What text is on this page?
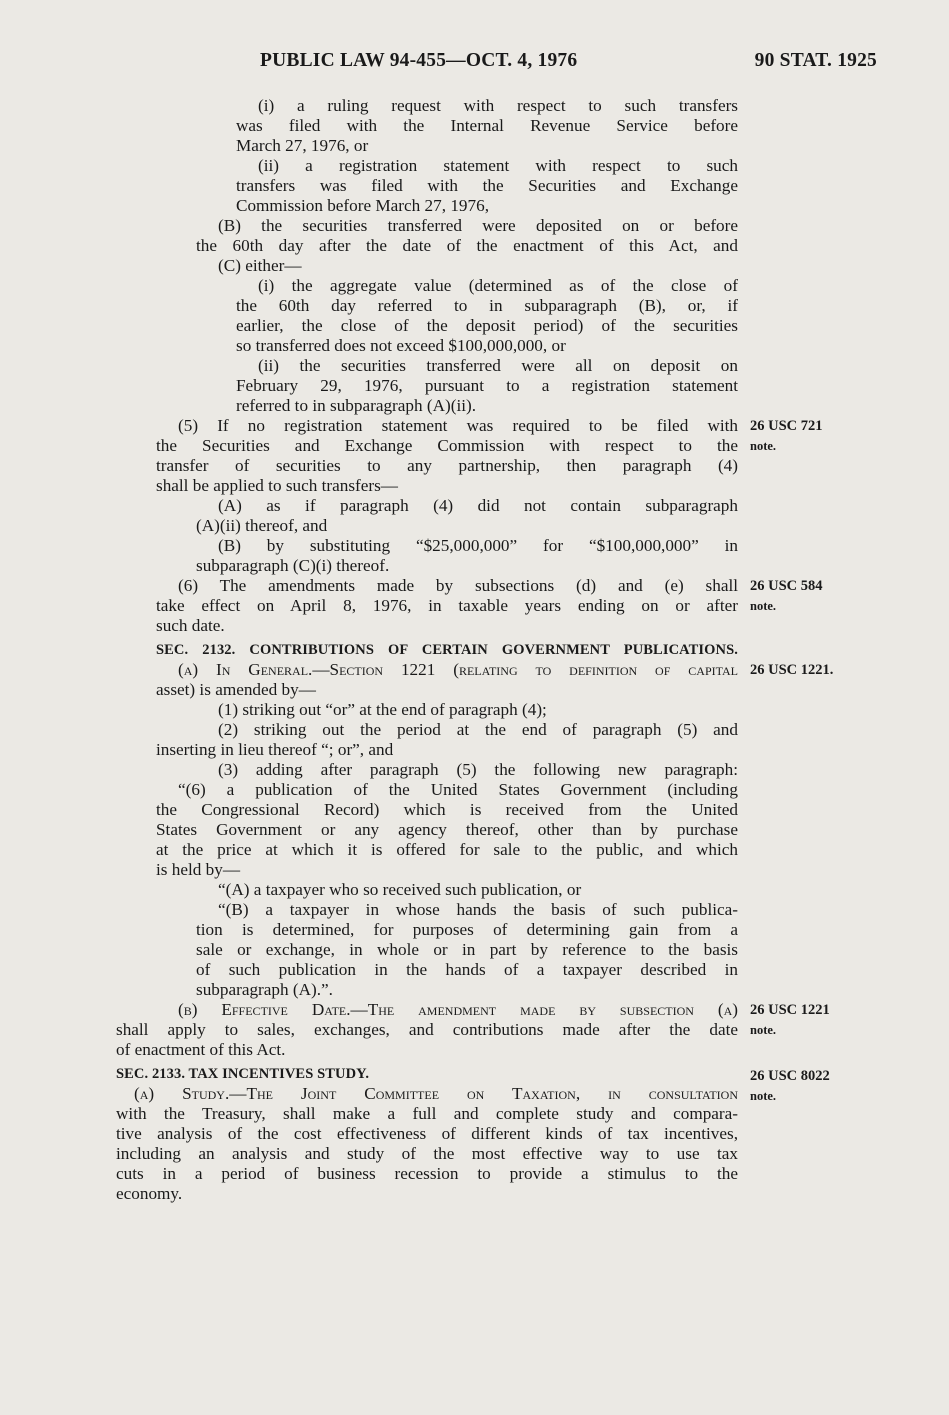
PUBLIC LAW 94-455—OCT. 4, 1976	90 STAT. 1925
(i) a ruling request with respect to such transfers
was filed with the Internal Revenue Service before
March 27, 1976, or
(ii) a registration statement with respect to such
transfers was filed with the Securities and Exchange
Commission before March 27, 1976,
(B) the securities transferred were deposited on or before
the 60th day after the date of the enactment of this Act, and
(C) either—
(i) the aggregate value (determined as of the close of
the 60th day referred to in subparagraph (B), or, if
earlier, the close of the deposit period) of the securities
so transferred does not exceed $100,000,000, or
(ii) the securities transferred were all on deposit on
February 29, 1976, pursuant to a registration statement
referred to in subparagraph (A)(ii).
(5) If no registration statement was required to be filed with
the Securities and Exchange Commission with respect to the
transfer of securities to any partnership, then paragraph (4)
shall be applied to such transfers—
(A) as if paragraph (4) did not contain subparagraph
(A)(ii) thereof, and
(B) by substituting “$25,000,000” for “$100,000,000” in
subparagraph (C)(i) thereof.
(6) The amendments made by subsections (d) and (e) shall
take effect on April 8, 1976, in taxable years ending on or after
such date.
SEC. 2132. CONTRIBUTIONS OF CERTAIN GOVERNMENT PUBLICATIONS.
(a) In General.—Section 1221 (relating to definition of capital
asset) is amended by—
(1) striking out “or” at the end of paragraph (4);
(2) striking out the period at the end of paragraph (5) and
inserting in lieu thereof “; or”, and
(3) adding after paragraph (5) the following new paragraph:
“(6) a publication of the United States Government (including
the Congressional Record) which is received from the United
States Government or any agency thereof, other than by purchase
at the price at which it is offered for sale to the public, and which
is held by—
“(A) a taxpayer who so received such publication, or
“(B) a taxpayer in whose hands the basis of such publica-
tion is determined, for purposes of determining gain from a
sale or exchange, in whole or in part by reference to the basis
of such publication in the hands of a taxpayer described in
subparagraph (A).”.
(b) Effective Date.—The amendment made by subsection (a)
shall apply to sales, exchanges, and contributions made after the date
of enactment of this Act.
SEC. 2133. TAX INCENTIVES STUDY.
(a) Study.—The Joint Committee on Taxation, in consultation
with the Treasury, shall make a full and complete study and compara-
tive analysis of the cost effectiveness of different kinds of tax incentives,
including an analysis and study of the most effective way to use tax
cuts in a period of business recession to provide a stimulus to the
economy.
26 USC 721
note.
26 USC 584
note.
26 USC 1221.
26 USC 1221
note.
26 USC 8022
note.
